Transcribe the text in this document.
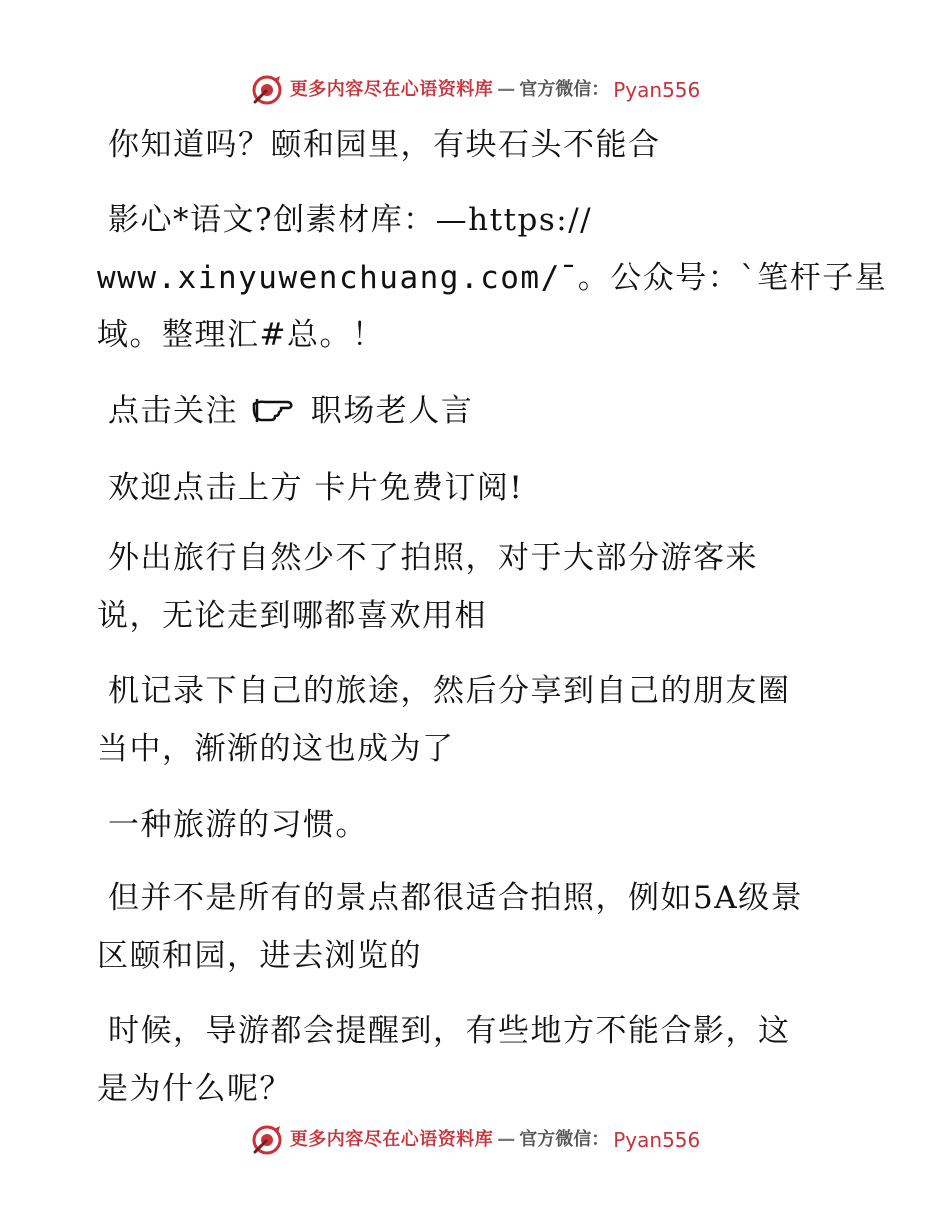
更多内容尽在心语资料库 — 官方微信： Pyan556
你知道吗？颐和园里，有块石头不能合
影心*语文?创素材库：—https://
www.xinyuwenchuang.com/¯。公众号：`笔杆子星
域。整理汇#总。！
点击关注 职场老人言
欢迎点击上方 卡片免费订阅!
外出旅行自然少不了拍照，对于大部分游客来
说，无论走到哪都喜欢用相
机记录下自己的旅途，然后分享到自己的朋友圈
当中，渐渐的这也成为了
一种旅游的习惯。
但并不是所有的景点都很适合拍照，例如5A级景
区颐和园，进去浏览的
时候，导游都会提醒到，有些地方不能合影，这
是为什么呢？
更多内容尽在心语资料库 — 官方微信： Pyan556
